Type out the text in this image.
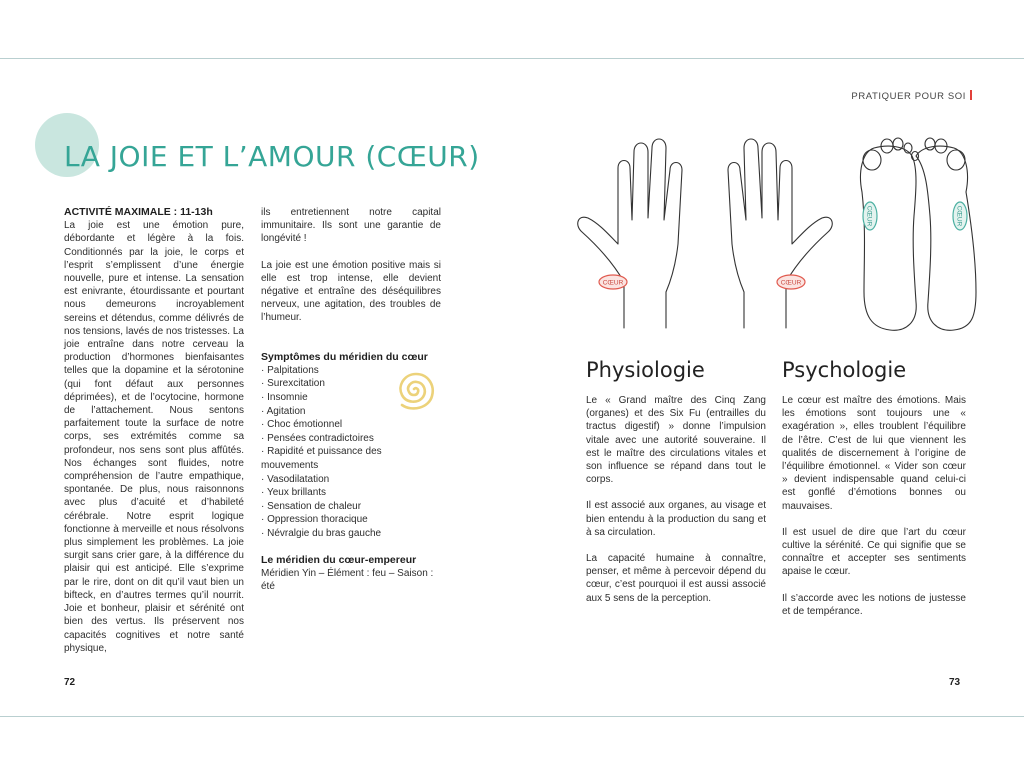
LA JOIE ET L’AMOUR (CŒUR)

ACTIVITÉ MAXIMALE : 11-13h

La joie est une émotion pure, débordante et légère à la fois. Conditionnés par la joie, le corps et l’esprit s’emplissent d’une énergie nouvelle, pure et intense. La sensation est enivrante, étourdissante et pourtant nous demeurons incroyablement sereins et détendus, comme délivrés de nos tensions, lavés de nos tristesses. La joie entraîne dans notre cerveau la production d’hormones bienfaisantes telles que la dopamine et la sérotonine (qui font défaut aux personnes déprimées), et de l’ocytocine, hormone de l’attachement. Nous sentons parfaitement toute la surface de notre corps, ses extrémités comme sa profondeur, nos sens sont plus affûtés. Nos échanges sont fluides, notre compréhension de l’autre empathique, spontanée. De plus, nous raisonnons avec plus d’acuité et d’habileté cérébrale. Notre esprit logique fonctionne à merveille et nous résolvons plus simplement les problèmes. La joie surgit sans crier gare, à la différence du plaisir qui est anticipé. Elle s’exprime par le rire, dont on dit qu’il vaut bien un bifteck, en d’autres termes qu’il nourrit. Joie et bonheur, plaisir et sérénité ont bien des vertus. Ils préservent nos capacités cognitives et notre santé physique,

ils entretiennent notre capital immunitaire. Ils sont une garantie de longévité !

La joie est une émotion positive mais si elle est trop intense, elle devient négative et entraîne des déséquilibres nerveux, une agitation, des troubles de l’humeur.

Symptômes du méridien du cœur

· Palpitations
· Surexcitation
· Insomnie
· Agitation
· Choc émotionnel
· Pensées contradictoires
· Rapidité et puissance des mouvements
· Vasodilatation
· Yeux brillants
· Sensation de chaleur
· Oppression thoracique
· Névralgie du bras gauche

Le méridien du cœur-empereur

Méridien Yin – Élément : feu – Saison : été

72
PRATIQUER POUR SOI
CŒUR	CŒUR
CŒUR	CŒUR
Physiologie	Psychologie

Le « Grand maître des Cinq Zang (organes) et des Six Fu (entrailles du tractus digestif) » donne l’impulsion vitale avec une autorité souveraine. Il est le maître des circulations vitales et son influence se répand dans tout le corps.

Il est associé aux organes, au visage et bien entendu à la production du sang et à sa circulation.

La capacité humaine à connaître, penser, et même à percevoir dépend du cœur, c’est pourquoi il est aussi associé aux 5 sens de la perception.

Le cœur est maître des émotions. Mais les émotions sont toujours une « exagération », elles troublent l’équilibre de l’être. C’est de lui que viennent les qualités de discernement à l’origine de l’équilibre émotionnel. « Vider son cœur » devient indispensable quand celui-ci est gonflé d’émotions bonnes ou mauvaises.

Il est usuel de dire que l’art du cœur cultive la sérénité. Ce qui signifie que se connaître et accepter ses sentiments apaise le cœur.

Il s’accorde avec les notions de justesse et de tempérance.

73
